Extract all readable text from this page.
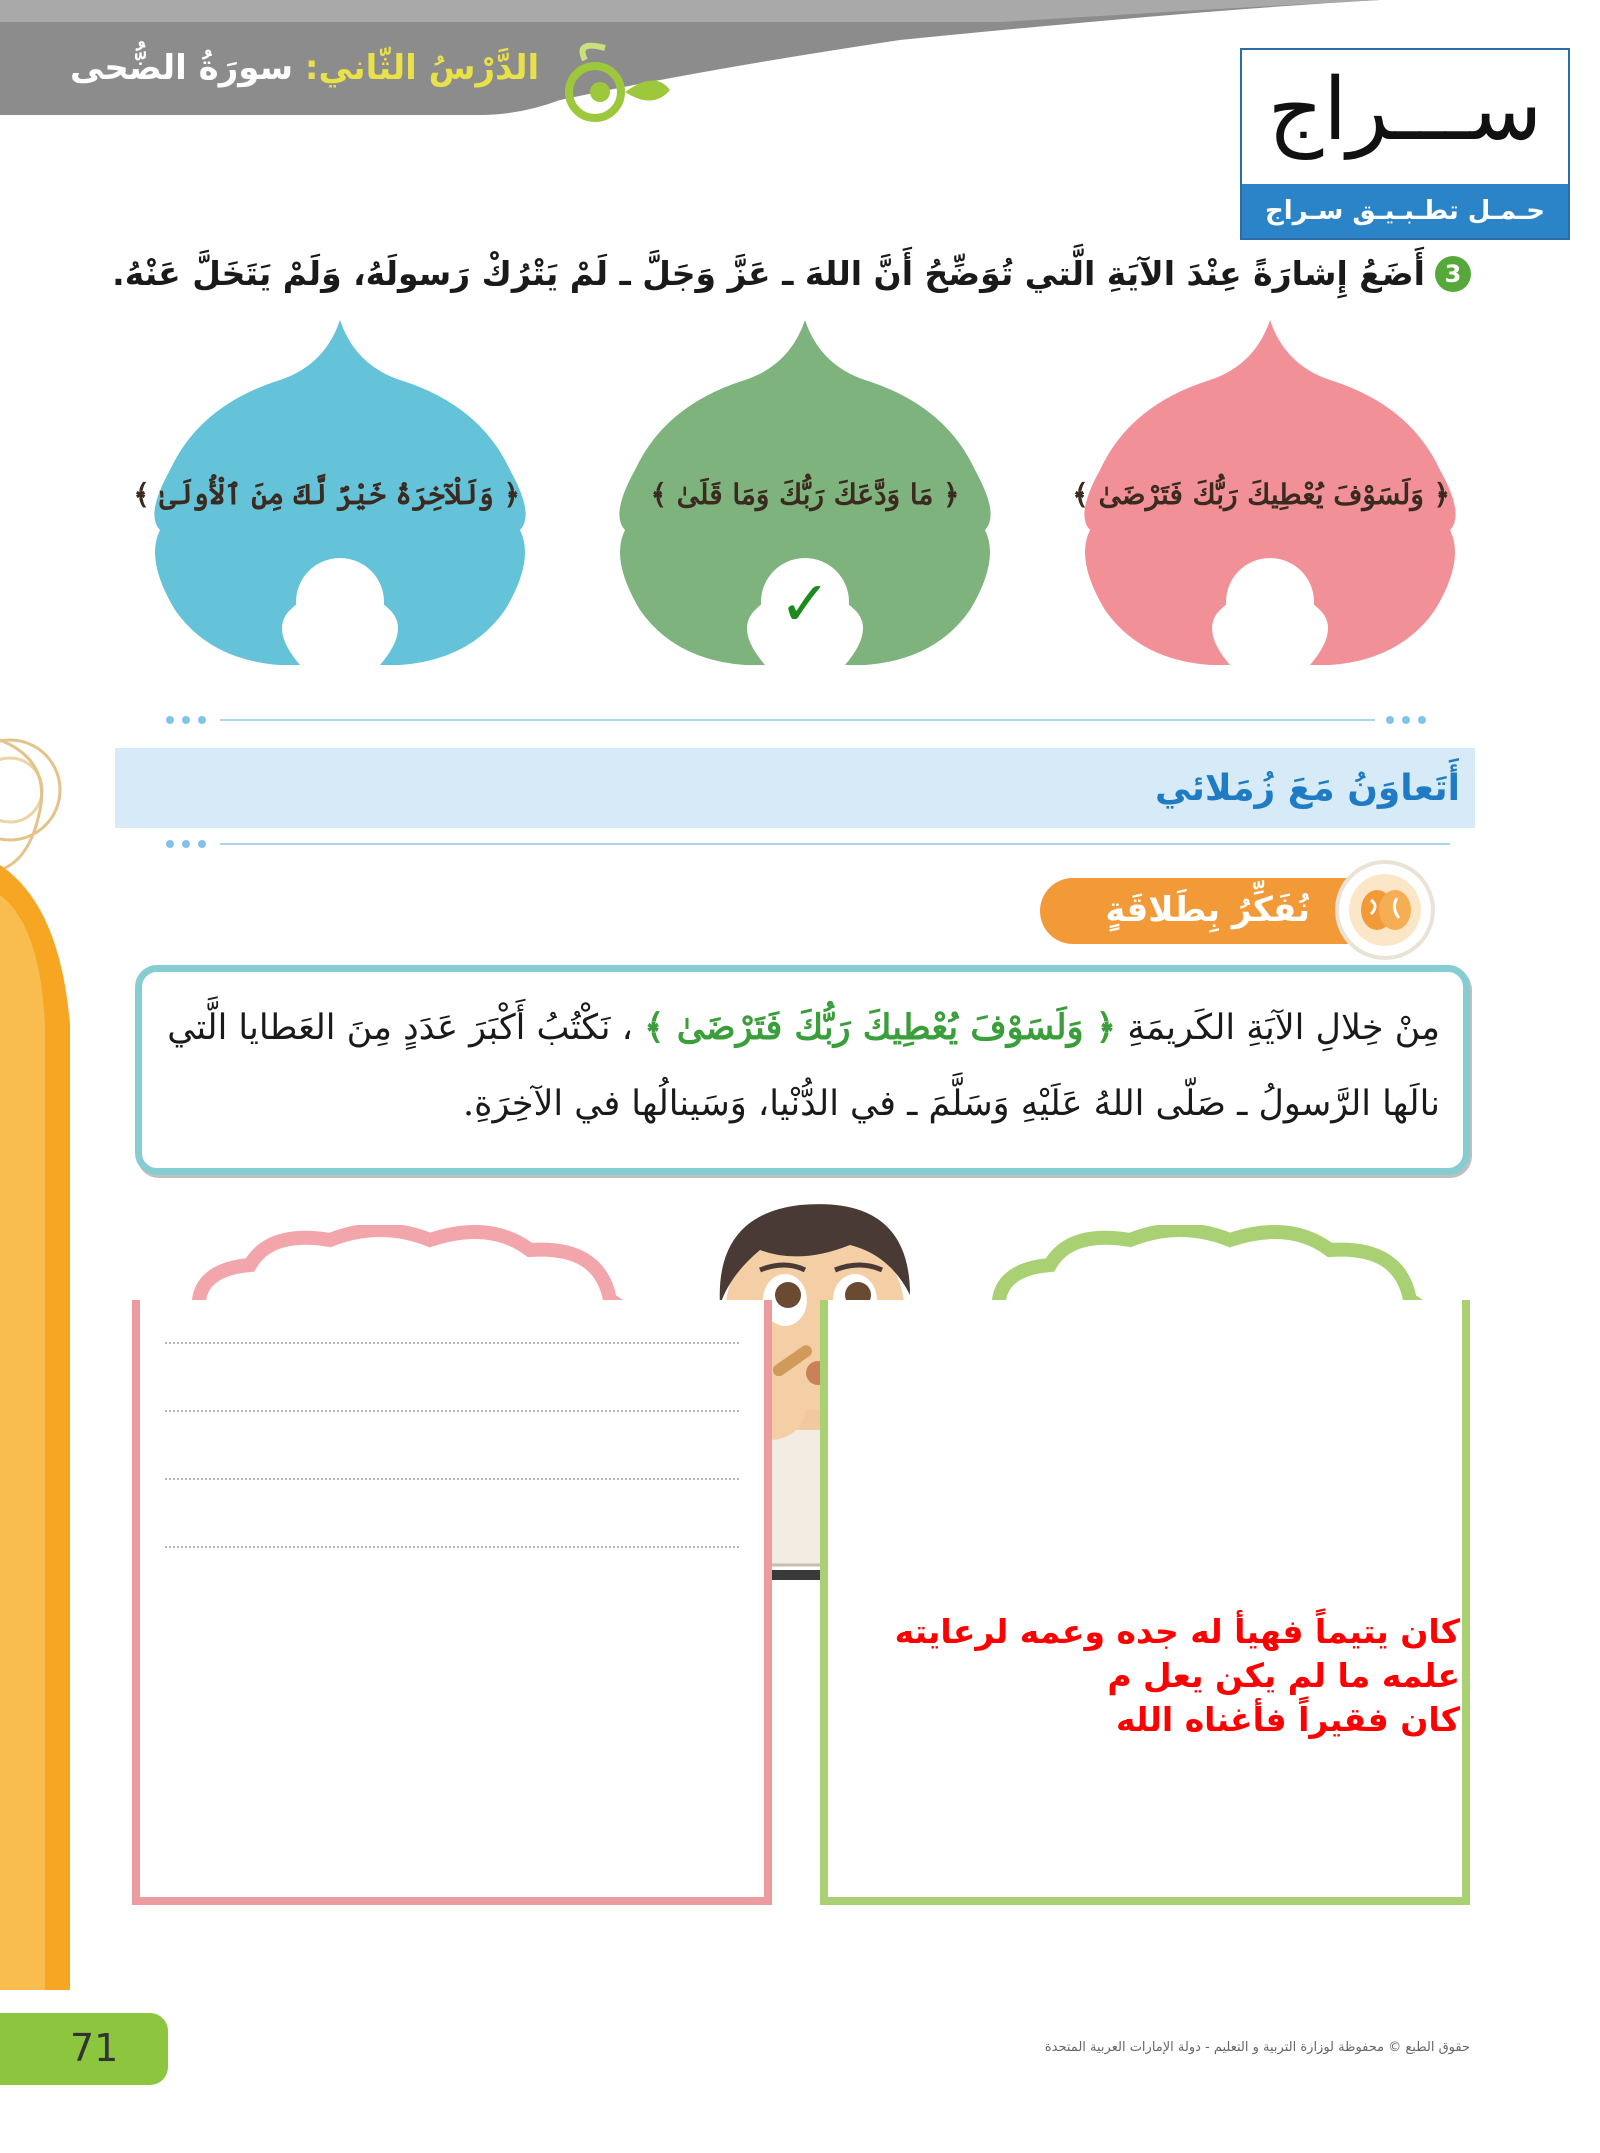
الدَّرْسُ الثّاني: سورَةُ الضُّحى	ســـراج
حـمـل تطـبـيـق سـراج
3
أَضَعُ إِشارَةً عِنْدَ الآيَةِ الَّتي تُوَضِّحُ أَنَّ اللهَ ـ عَزَّ وَجَلَّ ـ لَمْ يَتْرُكْ رَسولَهُ، وَلَمْ يَتَخَلَّ عَنْهُ.
﴿ وَلَلْآخِرَةُ خَيْرٌ لَّكَ مِنَ ٱلْأُولَىٰ ﴾	﴿ مَا وَدَّعَكَ رَبُّكَ وَمَا قَلَىٰ ﴾	﴿ وَلَسَوْفَ يُعْطِيكَ رَبُّكَ فَتَرْضَىٰ ﴾
✓
أَتَعاوَنُ مَعَ زُمَلائي
نُفَكِّرُ بِطَلاقَةٍ
مِنْ خِلالِ الآيَةِ الكَريمَةِ ﴿ وَلَسَوْفَ يُعْطِيكَ رَبُّكَ فَتَرْضَىٰ ﴾ ، نَكْتُبُ أَكْبَرَ عَدَدٍ مِنَ العَطايا الَّتي نالَها الرَّسولُ ـ صَلّى اللهُ عَلَيْهِ وَسَلَّمَ ـ في الدُّنْيا، وَسَينالُها في الآخِرَةِ.
كان يتيماً فهيأ له جده وعمه لرعايته
علمه ما لم يكن يعل م
كان فقيراً فأغناه الله
71	حقوق الطبع © محفوظة لوزارة التربية و التعليم - دولة الإمارات العربية المتحدة
